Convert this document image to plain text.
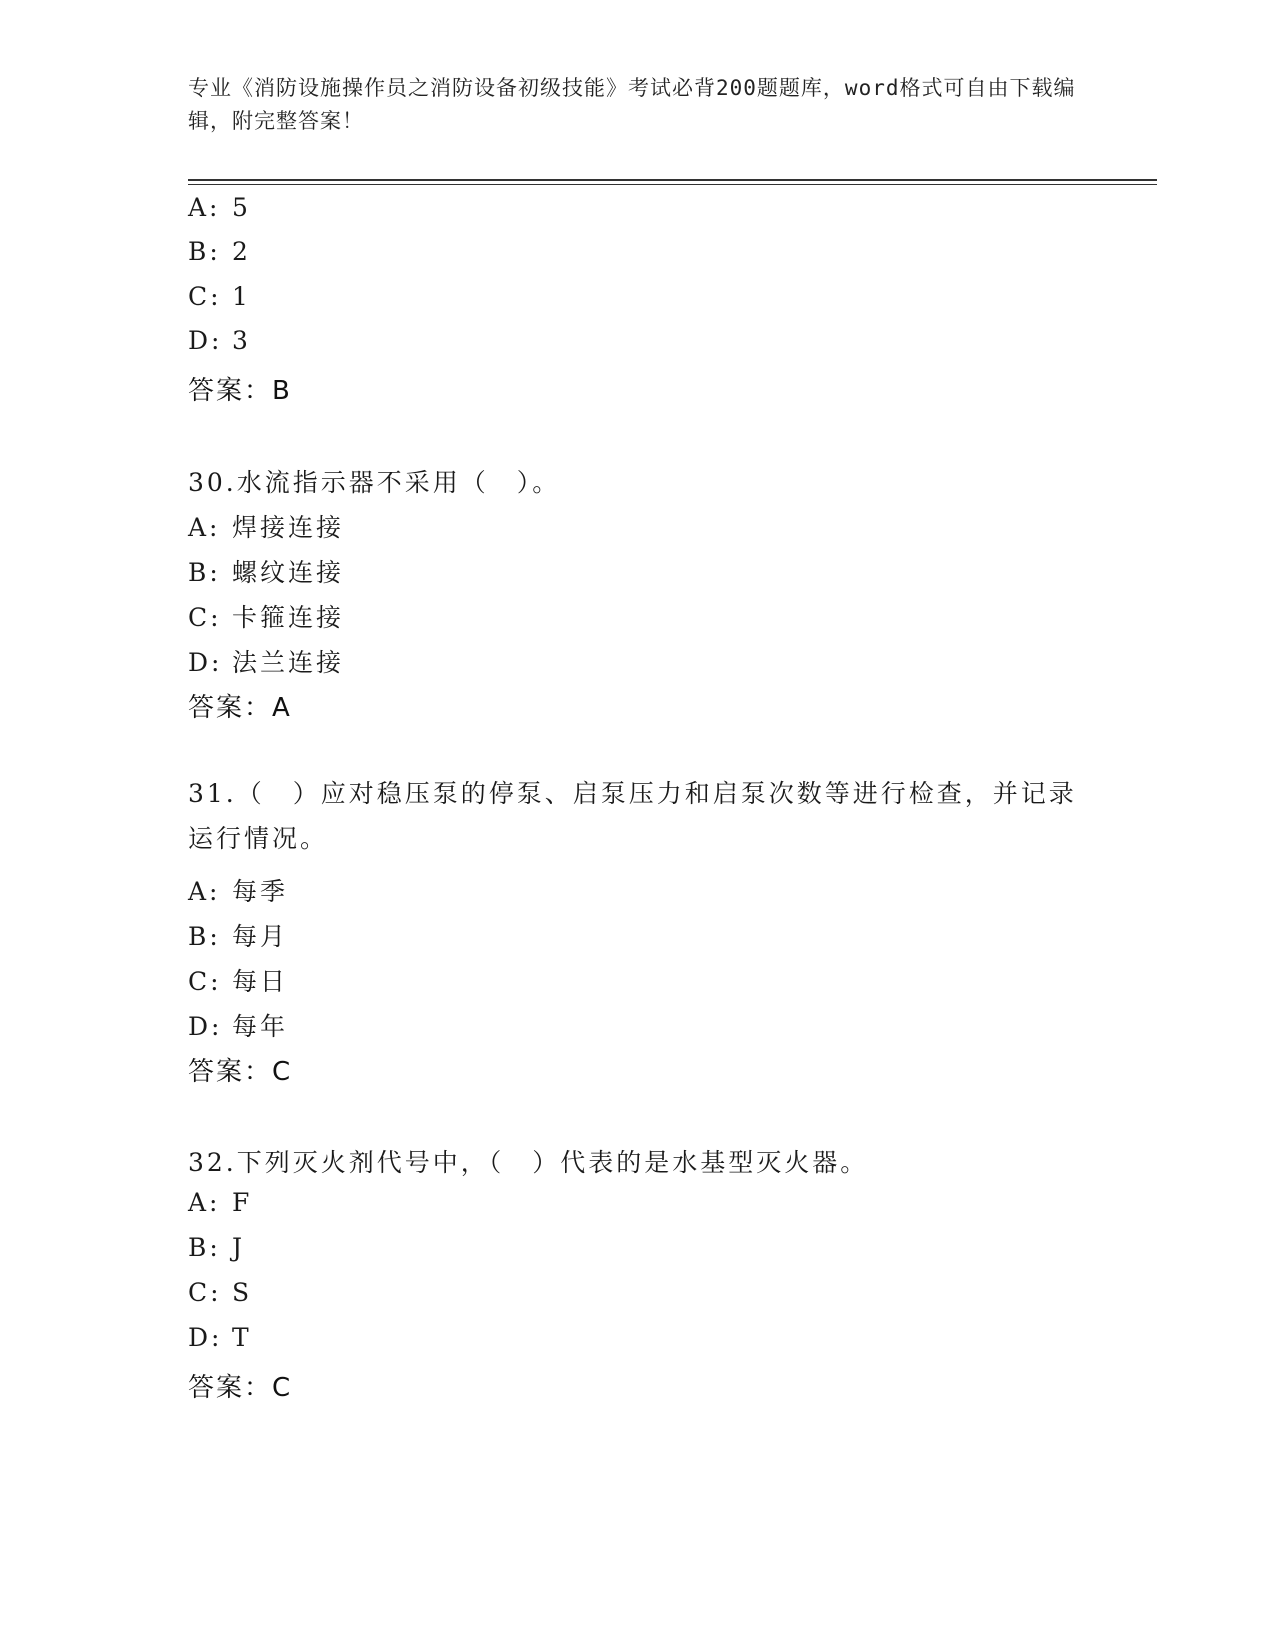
专业《消防设施操作员之消防设备初级技能》考试必背200题题库，word格式可自由下载编辑，附完整答案！
A: 5
B: 2
C: 1
D: 3
答案：B
30.水流指示器不采用（　）。
A: 焊接连接
B: 螺纹连接
C: 卡箍连接
D: 法兰连接
答案：A
31.（　）应对稳压泵的停泵、启泵压力和启泵次数等进行检查，并记录运行情况。
A: 每季
B: 每月
C: 每日
D: 每年
答案：C
32.下列灭火剂代号中，（　）代表的是水基型灭火器。
A: F
B: J
C: S
D: T
答案：C
